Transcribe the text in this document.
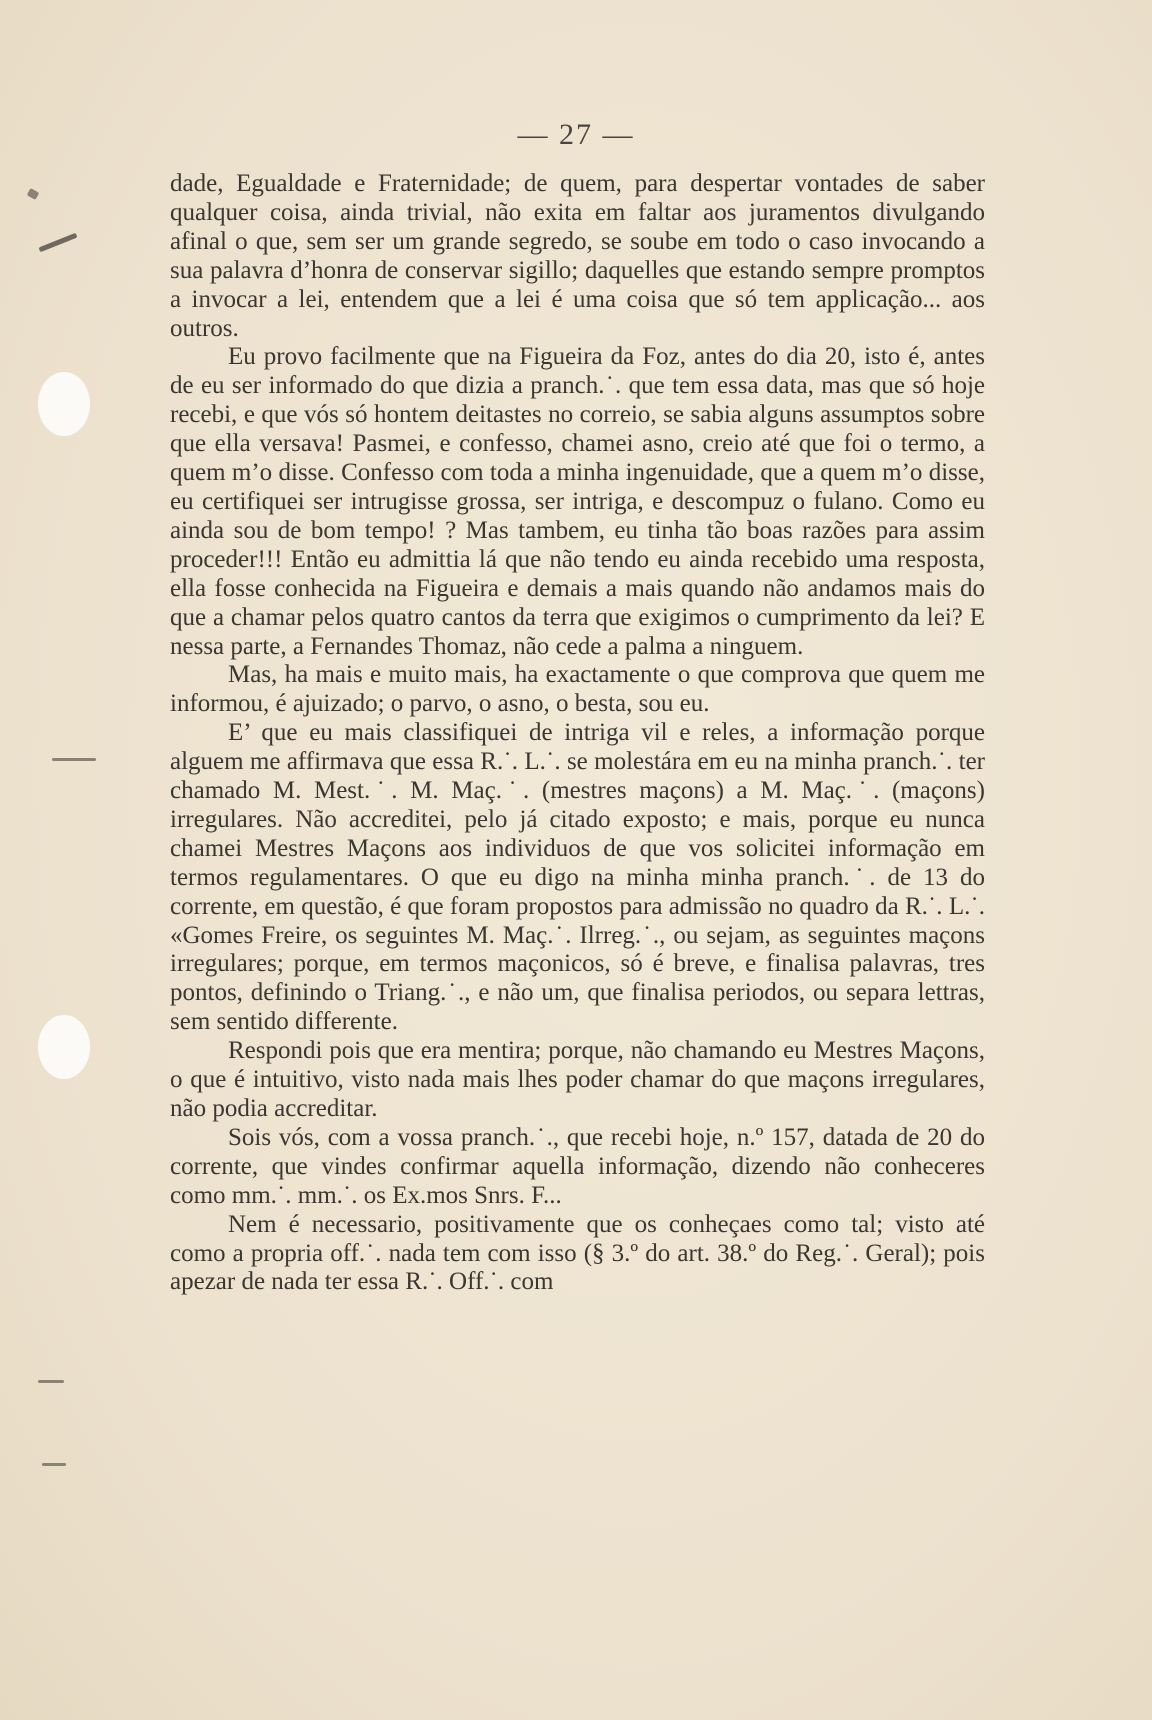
— 27 —

dade, Egualdade e Fraternidade; de quem, para despertar vontades de saber qualquer coisa, ainda trivial, não exita em faltar aos juramentos divulgando afinal o que, sem ser um grande segredo, se soube em todo o caso invocando a sua palavra d’honra de conservar sigillo; daquelles que estando sempre promptos a invocar a lei, entendem que a lei é uma coisa que só tem applicação... aos outros.

Eu provo facilmente que na Figueira da Foz, antes do dia 20, isto é, antes de eu ser informado do que dizia a pranch.˙. que tem essa data, mas que só hoje recebi, e que vós só hontem deitastes no correio, se sabia alguns assumptos sobre que ella versava! Pasmei, e confesso, chamei asno, creio até que foi o termo, a quem m’o disse. Confesso com toda a minha ingenuidade, que a quem m’o disse, eu certifiquei ser intrugisse grossa, ser intriga, e descompuz o fulano. Como eu ainda sou de bom tempo! ? Mas tambem, eu tinha tão boas razões para assim proceder!!! Então eu admittia lá que não tendo eu ainda recebido uma resposta, ella fosse conhecida na Figueira e demais a mais quando não andamos mais do que a chamar pelos quatro cantos da terra que exigimos o cumprimento da lei? E nessa parte, a Fernandes Thomaz, não cede a palma a ninguem.

Mas, ha mais e muito mais, ha exactamente o que comprova que quem me informou, é ajuizado; o parvo, o asno, o besta, sou eu.

E’ que eu mais classifiquei de intriga vil e reles, a informação porque alguem me affirmava que essa R.˙. L.˙. se molestára em eu na minha pranch.˙. ter chamado M. Mest.˙. M. Maç.˙. (mestres maçons) a M. Maç.˙. (maçons) irregulares. Não accreditei, pelo já citado exposto; e mais, porque eu nunca chamei Mestres Maçons aos individuos de que vos solicitei informação em termos regulamentares. O que eu digo na minha minha pranch.˙. de 13 do corrente, em questão, é que foram propostos para admissão no quadro da R.˙. L.˙. «Gomes Freire, os seguintes M. Maç.˙. Ilrreg.˙., ou sejam, as seguintes maçons irregulares; porque, em termos maçonicos, só é breve, e finalisa palavras, tres pontos, definindo o Triang.˙., e não um, que finalisa periodos, ou separa lettras, sem sentido differente.

Respondi pois que era mentira; porque, não chamando eu Mestres Maçons, o que é intuitivo, visto nada mais lhes poder chamar do que maçons irregulares, não podia accreditar.

Sois vós, com a vossa pranch.˙., que recebi hoje, n.º 157, datada de 20 do corrente, que vindes confirmar aquella informação, dizendo não conheceres como mm.˙. mm.˙. os Ex.mos Snrs. F...

Nem é necessario, positivamente que os conheçaes como tal; visto até como a propria off.˙. nada tem com isso (§ 3.º do art. 38.º do Reg.˙. Geral); pois apezar de nada ter essa R.˙. Off.˙. com
